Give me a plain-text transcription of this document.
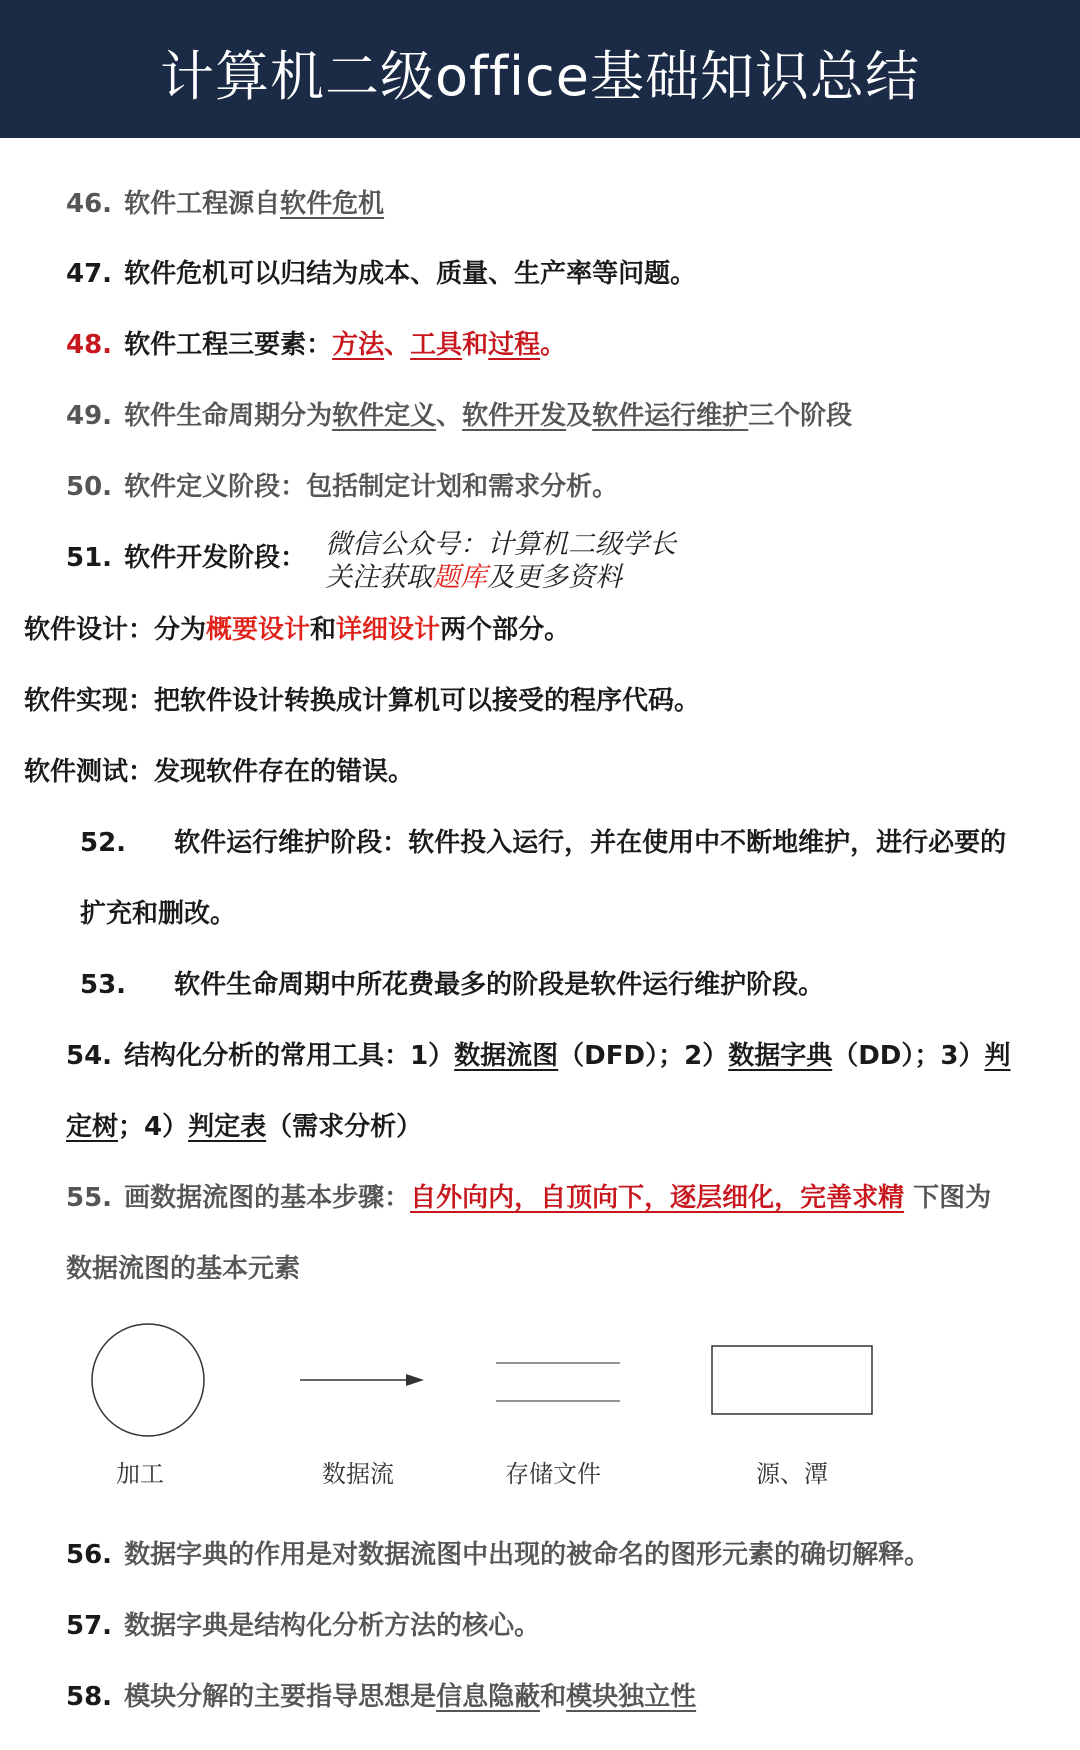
计算机二级office基础知识总结
46. 软件工程源自软件危机
47. 软件危机可以归结为成本、质量、生产率等问题。
48. 软件工程三要素：方法、工具和过程。
49. 软件生命周期分为软件定义、软件开发及软件运行维护三个阶段
50. 软件定义阶段：包括制定计划和需求分析。
51. 软件开发阶段： 微信公众号：计算机二级学长
关注获取题库及更多资料
软件设计：分为概要设计和详细设计两个部分。
软件实现：把软件设计转换成计算机可以接受的程序代码。
软件测试：发现软件存在的错误。
52. 软件运行维护阶段：软件投入运行，并在使用中不断地维护，进行必要的
扩充和删改。
53. 软件生命周期中所花费最多的阶段是软件运行维护阶段。
54. 结构化分析的常用工具：1）数据流图（DFD）；2）数据字典（DD）；3）判
定树；4）判定表（需求分析）
55. 画数据流图的基本步骤：自外向内，自顶向下，逐层细化，完善求精 下图为
数据流图的基本元素
加工	数据流	存储文件	源、潭
56. 数据字典的作用是对数据流图中出现的被命名的图形元素的确切解释。
57. 数据字典是结构化分析方法的核心。
58. 模块分解的主要指导思想是信息隐蔽和模块独立性
